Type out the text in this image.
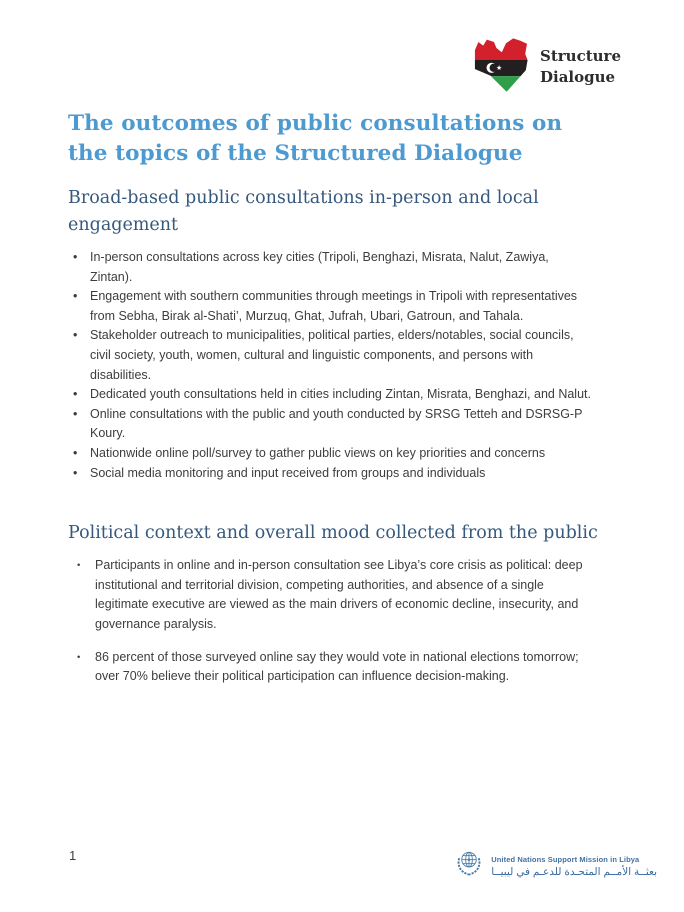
Structure
Dialogue
The outcomes of public consultations on
the topics of the Structured Dialogue
Broad-based public consultations in-person and local
engagement
• In-person consultations across key cities (Tripoli, Benghazi, Misrata, Nalut, Zawiya, Zintan).
• Engagement with southern communities through meetings in Tripoli with representatives from Sebha, Birak al-Shati’, Murzuq, Ghat, Jufrah, Ubari, Gatroun, and Tahala.
• Stakeholder outreach to municipalities, political parties, elders/notables, social councils, civil society, youth, women, cultural and linguistic components, and persons with disabilities.
• Dedicated youth consultations held in cities including Zintan, Misrata, Benghazi, and Nalut.
• Online consultations with the public and youth conducted by SRSG Tetteh and DSRSG-P Koury.
• Nationwide online poll/survey to gather public views on key priorities and concerns
• Social media monitoring and input received from groups and individuals
Political context and overall mood collected from the public
• Participants in online and in-person consultation see Libya’s core crisis as political: deep institutional and territorial division, competing authorities, and absence of a single legitimate executive are viewed as the main drivers of economic decline, insecurity, and governance paralysis.
• 86 percent of those surveyed online say they would vote in national elections tomorrow; over 70% believe their political participation can influence decision-making.
1	United Nations Support Mission in Libya
بعثــة الأمــم المتحـدة للدعـم في ليبيــا
